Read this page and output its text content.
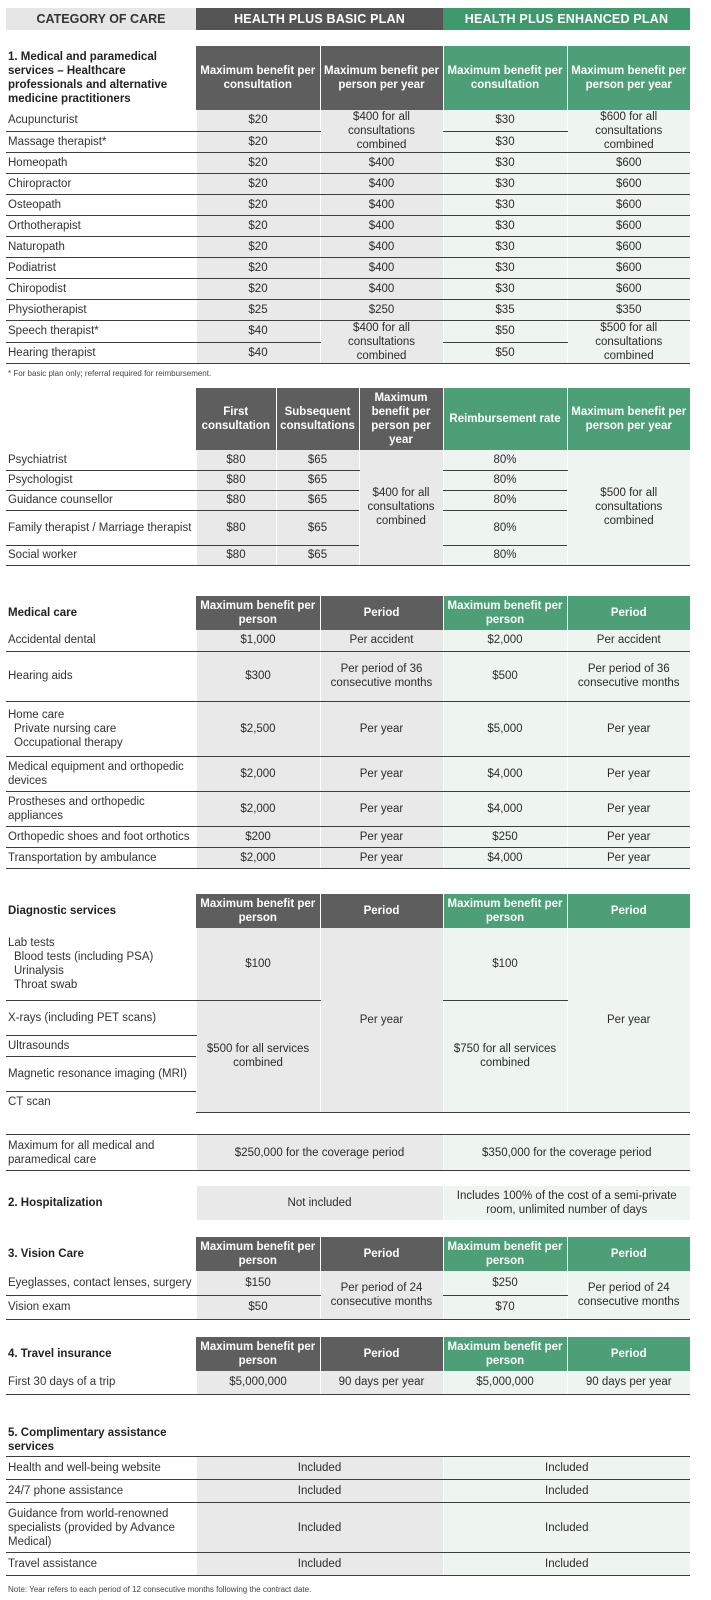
CATEGORY OF CARE	HEALTH PLUS BASIC PLAN	HEALTH PLUS ENHANCED PLAN
1. Medical and paramedical services – Healthcare professionals and alternative medicine practitioners	Maximum benefit per consultation	Maximum benefit per person per year	Maximum benefit per consultation	Maximum benefit per person per year
Acupuncturist	$20	$400 for all consultations combined	$30	$600 for all consultations combined
Massage therapist*	$20		$30	
Homeopath	$20	$400	$30	$600
Chiropractor	$20	$400	$30	$600
Osteopath	$20	$400	$30	$600
Orthotherapist	$20	$400	$30	$600
Naturopath	$20	$400	$30	$600
Podiatrist	$20	$400	$30	$600
Chiropodist	$20	$400	$30	$600
Physiotherapist	$25	$250	$35	$350
Speech therapist*	$40	$400 for all consultations combined	$50	$500 for all consultations combined
Hearing therapist	$40		$50	
* For basic plan only; referral required for reimbursement.
	First consultation	Subsequent consultations	Maximum benefit per person per year	Reimbursement rate	Maximum benefit per person per year
Psychiatrist	$80	$65	$400 for all consultations combined	80%	$500 for all consultations combined
Psychologist	$80	$65		80%	
Guidance counsellor	$80	$65		80%	
Family therapist / Marriage therapist	$80	$65		80%	
Social worker	$80	$65		80%	
Medical care	Maximum benefit per person	Period	Maximum benefit per person	Period
Accidental dental	$1,000	Per accident	$2,000	Per accident
Hearing aids	$300	Per period of 36 consecutive months	$500	Per period of 36 consecutive months

Home care
Private nursing care
Occupational therapy	$2,500	Per year	$5,000	Per year
Medical equipment and orthopedic devices	$2,000	Per year	$4,000	Per year
Prostheses and orthopedic appliances	$2,000	Per year	$4,000	Per year
Orthopedic shoes and foot orthotics	$200	Per year	$250	Per year
Transportation by ambulance	$2,000	Per year	$4,000	Per year
Diagnostic services	Maximum benefit per person	Period	Maximum benefit per person	Period

Lab tests
Blood tests (including PSA)
Urinalysis
Throat swab	$100	Per year	$100	Per year
X-rays (including PET scans)	$500 for all services combined		$750 for all services combined	
Ultrasounds				
Magnetic resonance imaging (MRI)				
CT scan				
Maximum for all medical and paramedical care	$250,000 for the coverage period	$350,000 for the coverage period
2. Hospitalization	Not included	Includes 100% of the cost of a semi-private room, unlimited number of days
3. Vision Care	Maximum benefit per person	Period	Maximum benefit per person	Period
Eyeglasses, contact lenses, surgery	$150	Per period of 24 consecutive months	$250	Per period of 24 consecutive months
Vision exam	$50		$70	
4. Travel insurance	Maximum benefit per person	Period	Maximum benefit per person	Period
First 30 days of a trip	$5,000,000	90 days per year	$5,000,000	90 days per year
5. Complimentary assistance services
Health and well-being website	Included	Included
24/7 phone assistance	Included	Included
Guidance from world-renowned specialists (provided by Advance Medical)	Included	Included
Travel assistance	Included	Included
Note: Year refers to each period of 12 consecutive months following the contract date.
